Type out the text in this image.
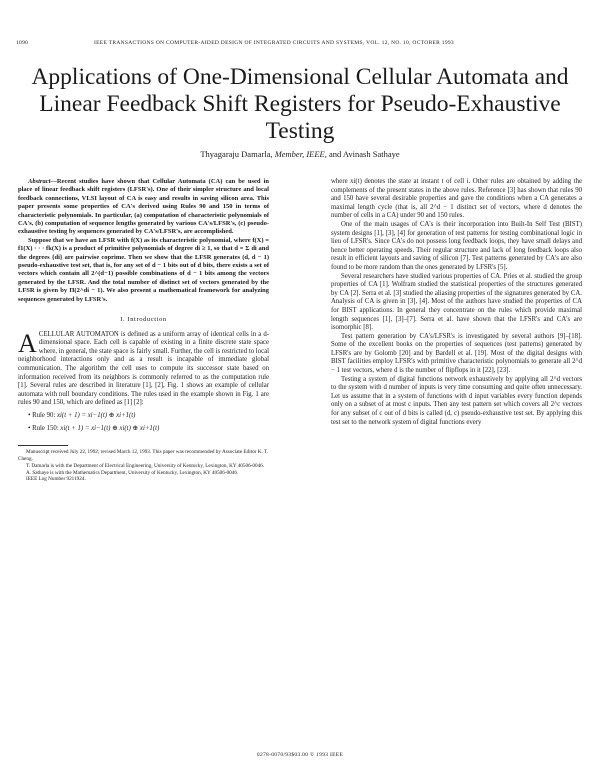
1090	IEEE TRANSACTIONS ON COMPUTER-AIDED DESIGN OF INTEGRATED CIRCUITS AND SYSTEMS, VOL. 12, NO. 10, OCTOBER 1993
Applications of One-Dimensional Cellular Automata and Linear Feedback Shift Registers for Pseudo-Exhaustive Testing
Thyagaraju Damarla, Member, IEEE, and Avinash Sathaye

Abstract—Recent studies have shown that Cellular Automata (CA) can be used in place of linear feedback shift registers (LFSR's). One of their simpler structure and local feedback connections, VLSI layout of CA is easy and results in saving silicon area. This paper presents some properties of CA's derived using Rules 90 and 150 in terms of characteristic polynomials. In particular, (a) computation of characteristic polynomials of CA's, (b) computation of sequence lengths generated by various CA's/LFSR's, (c) pseudo-exhaustive testing by sequences generated by CA's/LFSR's, are accomplished.

Suppose that we have an LFSR with f(X) as its characteristic polynomial, where f(X) = f1(X) · · · fk(X) is a product of primitive polynomials of degree di ≥ 1, so that d = Σ di and the degrees {di} are pairwise coprime. Then we show that the LFSR generates (d, d − 1) pseudo-exhaustive test set, that is, for any set of d − 1 bits out of d bits, there exists a set of vectors which contain all 2^(d−1) possible combinations of d − 1 bits among the vectors generated by the LFSR. And the total number of distinct set of vectors generated by the LFSR is given by Π(2^di − 1). We also present a mathematical framework for analyzing sequences generated by LFSR's.

I. Introduction

ACELLULAR AUTOMATON is defined as a uniform array of identical cells in a d-dimensional space. Each cell is capable of existing in a finite discrete state space where, in general, the state space is fairly small. Further, the cell is restricted to local neighborhood interactions only and as a result is incapable of immediate global communication. The algorithm the cell uses to compute its successor state based on information received from its neighbors is commonly referred to as the computation rule [1]. Several rules are described in literature [1], [2], Fig. 1 shows an example of cellular automata with null boundary conditions. The rules used in the example shown in Fig. 1 are rules 90 and 150, which are defined as [1] [2]:

• Rule 90: xi(t + 1) = xi−1(t) ⊕ xi+1(t)
• Rule 150: xi(t + 1) = xi−1(t) ⊕ xi(t) ⊕ xi+1(t)

Manuscript received July 22, 1992; revised March 12, 1993. This paper was recommended by Associate Editor K. T. Cheng.

T. Damarla is with the Department of Electrical Engineering, University of Kentucky, Lexington, KY 40506-0046.

A. Sathaye is with the Mathematics Department, University of Kentucky, Lexington, KY 40506-0046.

IEEE Log Number 9211924.

where xi(t) denotes the state at instant t of cell i. Other rules are obtained by adding the complements of the present states in the above rules. Reference [3] has shown that rules 90 and 150 have several desirable properties and gave the conditions when a CA generates a maximal length cycle (that is, all 2^d − 1 distinct set of vectors, where d denotes the number of cells in a CA) under 90 and 150 rules.

One of the main usages of CA's is their incorporation into Built-In Self Test (BIST) system designs [1], [3], [4] for generation of test patterns for testing combinational logic in lieu of LFSR's. Since CA's do not possess long feedback loops, they have small delays and hence better operating speeds. Their regular structure and lack of long feedback loops also result in efficient layouts and saving of silicon [7]. Test patterns generated by CA's are also found to be more random than the ones generated by LFSR's [5].

Several researchers have studied various properties of CA. Pries et al. studied the group properties of CA [1]. Wolfram studied the statistical properties of the structures generated by CA [2]. Serra et al. [3] studied the aliasing properties of the signatures generated by CA. Analysis of CA is given in [3], [4]. Most of the authors have studied the properties of CA for BIST applications. In general they concentrate on the rules which provide maximal length sequences [1], [3]–[7]. Serra et al. have shown that the LFSR's and CA's are isomorphic [8].

Test pattern generation by CA's/LFSR's is investigated by several authors [9]–[18]. Some of the excellent books on the properties of sequences (test patterns) generated by LFSR's are by Golomb [20] and by Bardell et al. [19]. Most of the digital designs with BIST facilities employ LFSR's with primitive characteristic polynomials to generate all 2^d − 1 test vectors, where d is the number of flipflops in it [22], [23].

Testing a system of digital functions network exhaustively by applying all 2^d vectors to the system with d number of inputs is very time consuming and quite often unnecessary. Let us assume that in a system of functions with d input variables every function depends only on a subset of at most c inputs. Then any test pattern set which covers all 2^c vectors for any subset of c out of d bits is called (d, c) pseudo-exhaustive test set. By applying this test set to the network system of digital functions every

0278-0070/93$03.00 © 1993 IEEE
